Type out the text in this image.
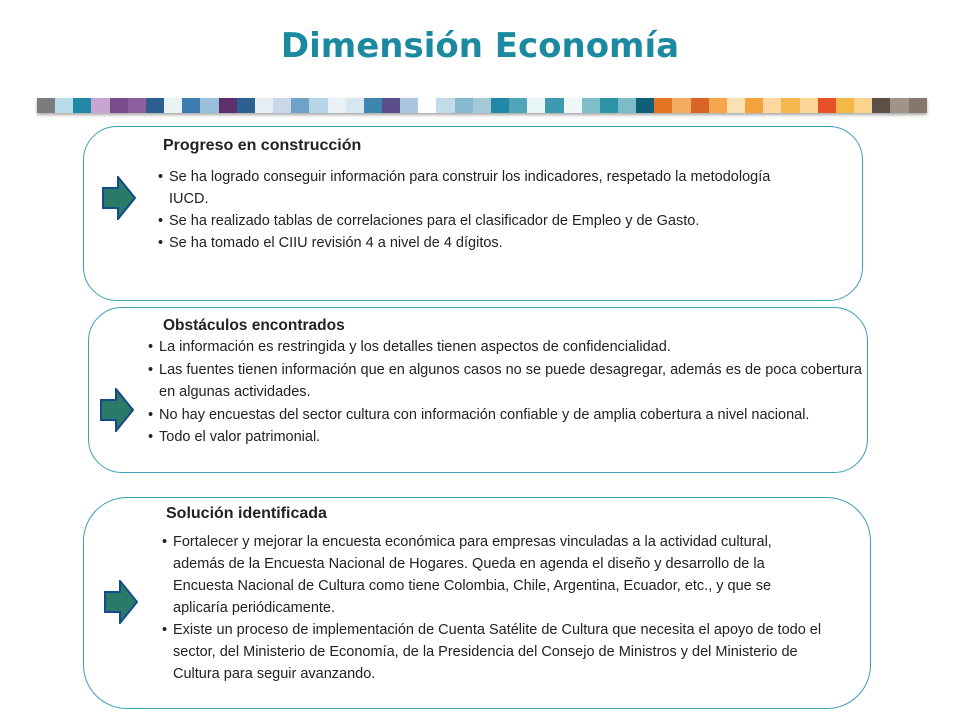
Dimensión Economía
Progreso en construcción
• Se ha logrado conseguir información para construir los indicadores, respetado la metodología IUCD.
• Se ha realizado tablas de correlaciones para el clasificador de Empleo y de Gasto.
• Se ha tomado el CIIU revisión 4 a nivel de 4 dígitos.
Obstáculos encontrados
• La información es restringida y los detalles tienen aspectos de confidencialidad.
• Las fuentes tienen información que en algunos casos no se puede desagregar, además es de poca cobertura en algunas actividades.
• No hay encuestas del sector cultura con información confiable y de amplia cobertura a nivel nacional.
• Todo el valor patrimonial.
Solución identificada
• Fortalecer y mejorar la encuesta económica para empresas vinculadas a la actividad cultural, además de la Encuesta Nacional de Hogares. Queda en agenda el diseño y desarrollo de la Encuesta Nacional de Cultura como tiene Colombia, Chile, Argentina, Ecuador, etc., y que se aplicaría periódicamente.
• Existe un proceso de implementación de Cuenta Satélite de Cultura que necesita el apoyo de todo el sector, del Ministerio de Economía, de la Presidencia del Consejo de Ministros y del Ministerio de Cultura para seguir avanzando.
